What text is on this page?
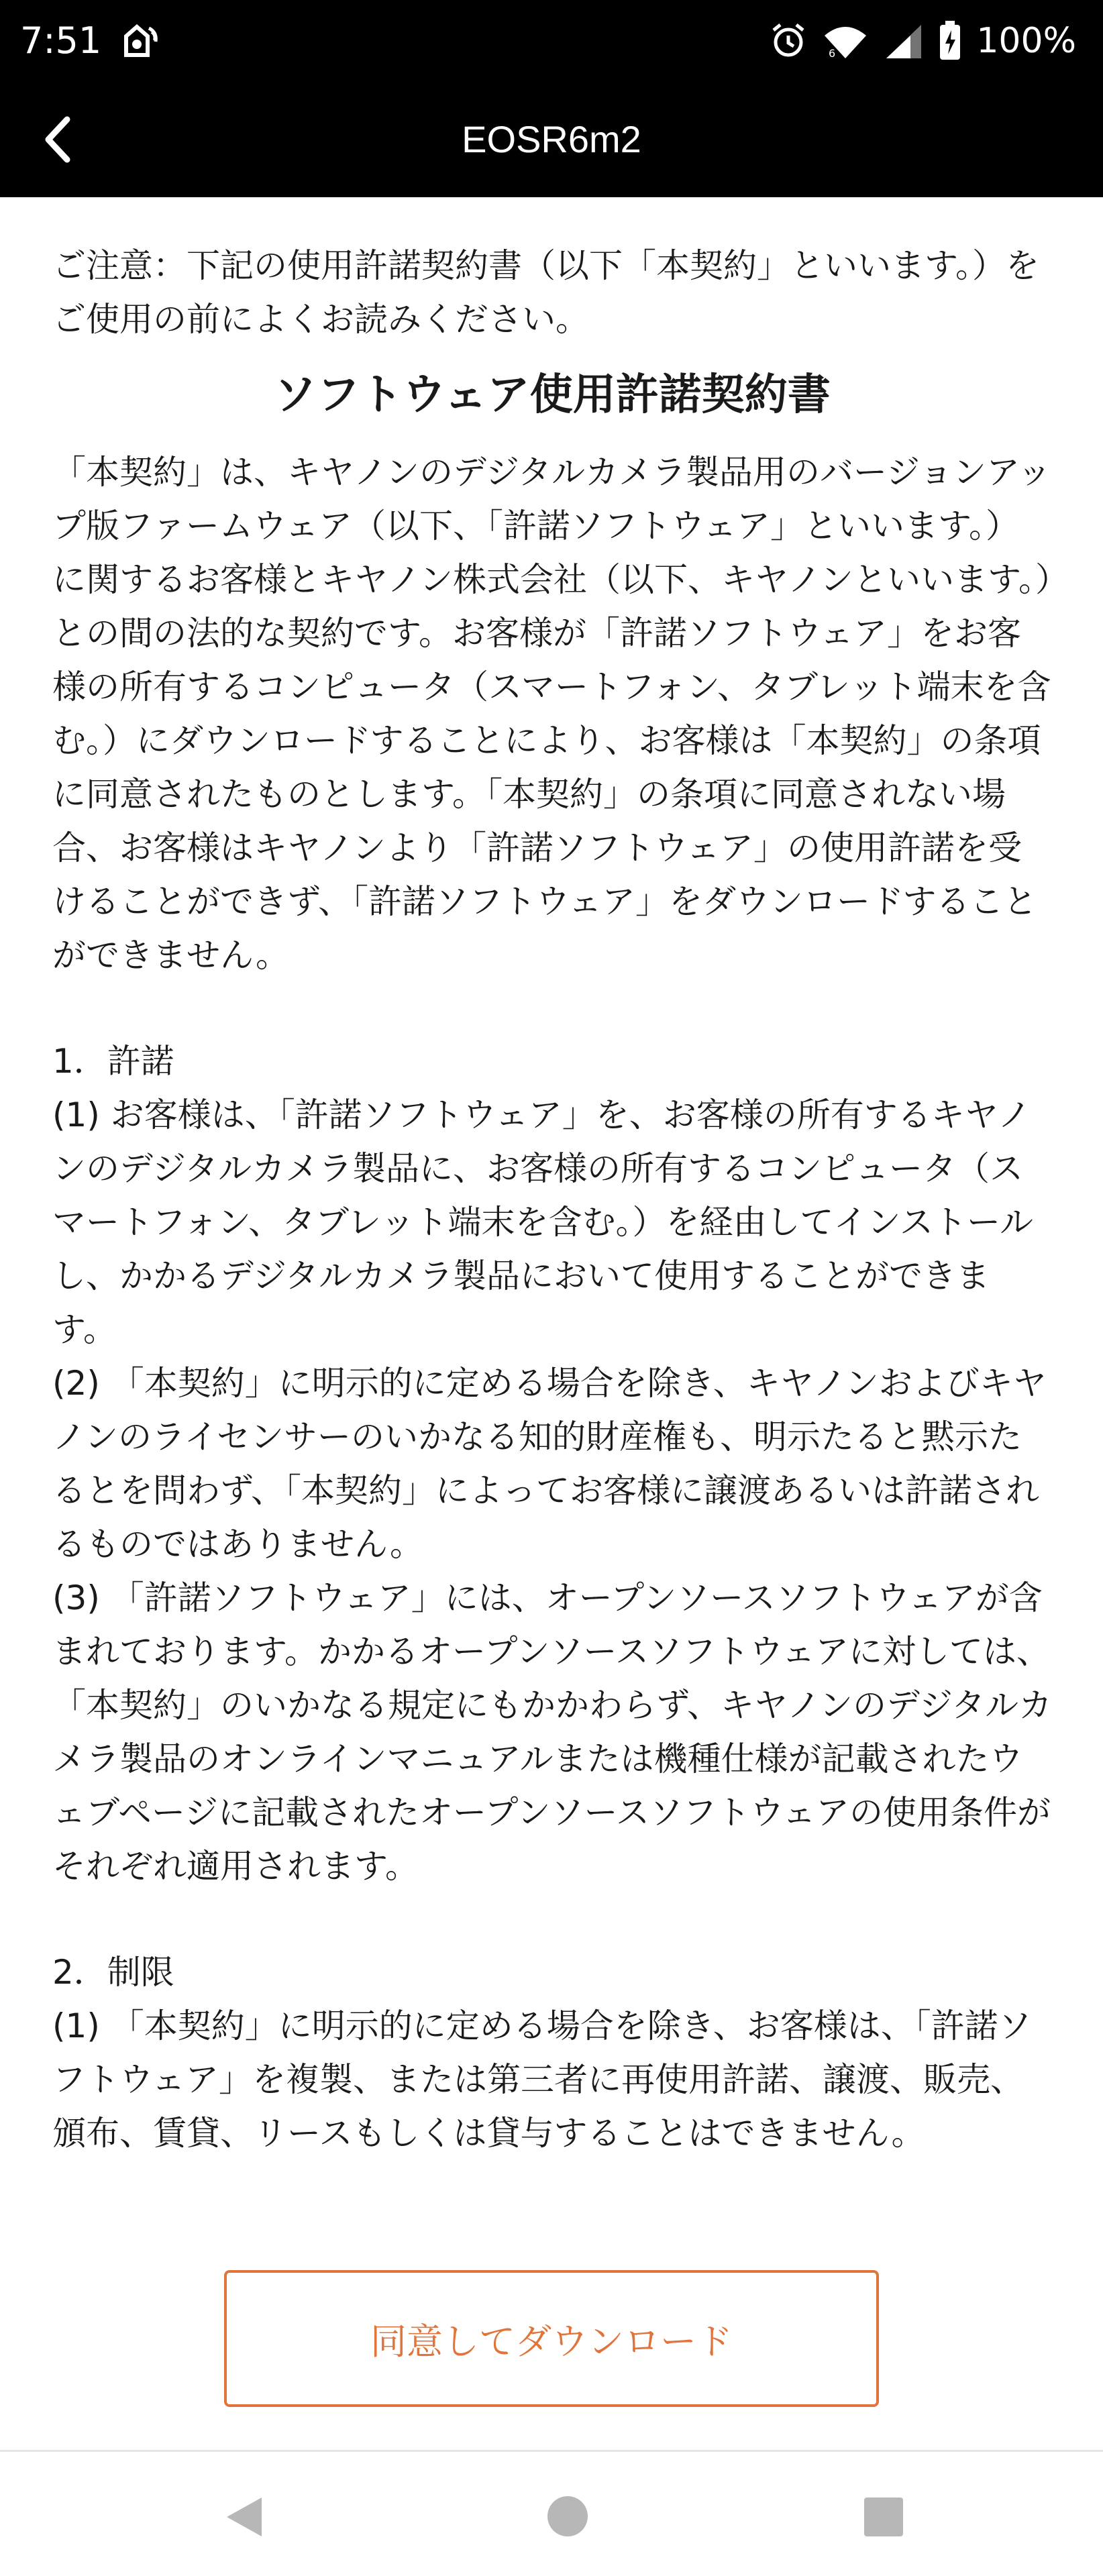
7:51	6	100%
EOSR6m2
ご注意：下記の使用許諾契約書（以下「本契約」といいます。）をご使用の前によくお読みください。
ソフトウェア使用許諾契約書
「本契約」は、キヤノンのデジタルカメラ製品用のバージョンアップ版ファームウェア（以下、「許諾ソフトウェア」といいます。）に関するお客様とキヤノン株式会社（以下、キヤノンといいます。）との間の法的な契約です。お客様が「許諾ソフトウェア」をお客様の所有するコンピュータ（スマートフォン、タブレット端末を含む。）にダウンロードすることにより、お客様は「本契約」の条項に同意されたものとします。「本契約」の条項に同意されない場合、お客様はキヤノンより「許諾ソフトウェア」の使用許諾を受けることができず、「許諾ソフトウェア」をダウンロードすることができません。
1．許諾
(1) お客様は、「許諾ソフトウェア」を、お客様の所有するキヤノンのデジタルカメラ製品に、お客様の所有するコンピュータ（スマートフォン、タブレット端末を含む。）を経由してインストールし、かかるデジタルカメラ製品において使用することができます。
(2) 「本契約」に明示的に定める場合を除き、キヤノンおよびキヤノンのライセンサーのいかなる知的財産権も、明示たると黙示たるとを問わず、「本契約」によってお客様に譲渡あるいは許諾されるものではありません。
(3) 「許諾ソフトウェア」には、オープンソースソフトウェアが含まれております。かかるオープンソースソフトウェアに対しては、「本契約」のいかなる規定にもかかわらず、キヤノンのデジタルカメラ製品のオンラインマニュアルまたは機種仕様が記載されたウェブページに記載されたオープンソースソフトウェアの使用条件がそれぞれ適用されます。
2．制限
(1) 「本契約」に明示的に定める場合を除き、お客様は、「許諾ソフトウェア」を複製、または第三者に再使用許諾、譲渡、販売、頒布、賃貸、リースもしくは貸与することはできません。
同意してダウンロード
